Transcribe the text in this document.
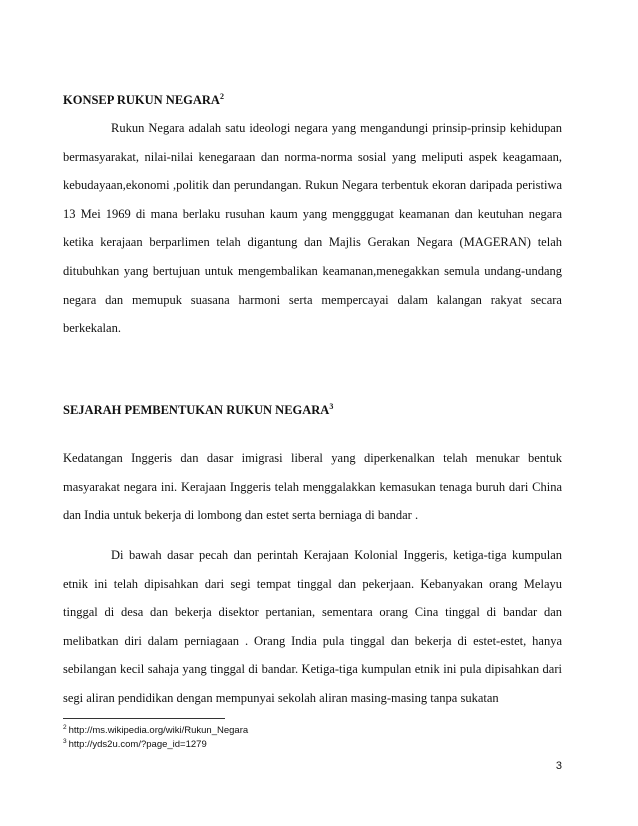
KONSEP RUKUN NEGARA$^2$

Rukun Negara adalah satu ideologi negara yang mengandungi prinsip-prinsip kehidupan bermasyarakat, nilai-nilai kenegaraan dan norma-norma sosial yang meliputi aspek keagamaan, kebudayaan,ekonomi ,politik dan perundangan. Rukun Negara terbentuk ekoran daripada peristiwa 13 Mei 1969 di mana berlaku rusuhan kaum yang mengggugat keamanan dan keutuhan negara ketika kerajaan berparlimen telah digantung dan Majlis Gerakan Negara (MAGERAN) telah ditubuhkan yang bertujuan untuk mengembalikan keamanan,menegakkan semula undang-undang negara dan memupuk suasana harmoni serta mempercayai dalam kalangan rakyat secara berkekalan.

SEJARAH PEMBENTUKAN RUKUN NEGARA$^3$

Kedatangan Inggeris dan dasar imigrasi liberal yang diperkenalkan telah menukar bentuk masyarakat negara ini. Kerajaan Inggeris telah menggalakkan kemasukan tenaga buruh dari China dan India untuk bekerja di lombong dan estet serta berniaga di bandar .

Di bawah dasar pecah dan perintah Kerajaan Kolonial Inggeris, ketiga-tiga kumpulan etnik ini telah dipisahkan dari segi tempat tinggal dan pekerjaan. Kebanyakan orang Melayu tinggal di desa dan bekerja disektor pertanian, sementara orang Cina tinggal di bandar dan melibatkan diri dalam perniagaan . Orang India pula tinggal dan bekerja di estet-estet, hanya sebilangan kecil sahaja yang tinggal di bandar. Ketiga-tiga kumpulan etnik ini pula dipisahkan dari segi aliran pendidikan dengan mempunyai sekolah aliran masing-masing tanpa sukatan

$^2$ http://ms.wikipedia.org/wiki/Rukun_Negara
$^3$ http://yds2u.com/?page_id=1279
3
